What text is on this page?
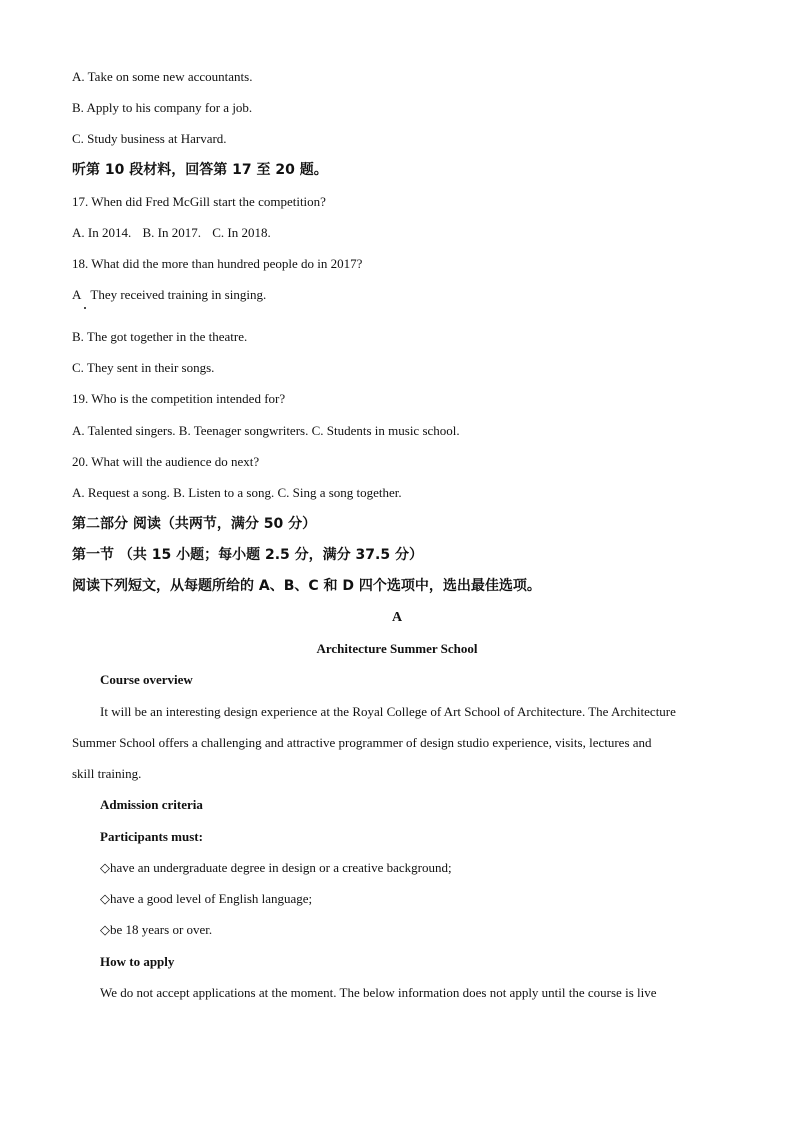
A. Take on some new accountants.
B. Apply to his company for a job.
C. Study business at Harvard.
听第 10 段材料，回答第 17 至 20 题。
17. When did Fred McGill start the competition?
A. In 2014. B. In 2017. C. In 2018.
18. What did the more than hundred people do in 2017?
A They received training in singing.
B. The got together in the theatre.
C. They sent in their songs.
19. Who is the competition intended for?
A. Talented singers. B. Teenager songwriters. C. Students in music school.
20. What will the audience do next?
A. Request a song. B. Listen to a song. C. Sing a song together.
第二部分 阅读（共两节，满分 50 分）
第一节 （共 15 小题；每小题 2.5 分，满分 37.5 分）
阅读下列短文，从每题所给的 A、B、C 和 D 四个选项中，选出最佳选项。
A
Architecture Summer School
Course overview
It will be an interesting design experience at the Royal College of Art School of Architecture. The Architecture
Summer School offers a challenging and attractive programmer of design studio experience, visits, lectures and
skill training.
Admission criteria
Participants must:
◇have an undergraduate degree in design or a creative background;
◇have a good level of English language;
◇be 18 years or over.
How to apply
We do not accept applications at the moment. The below information does not apply until the course is live
